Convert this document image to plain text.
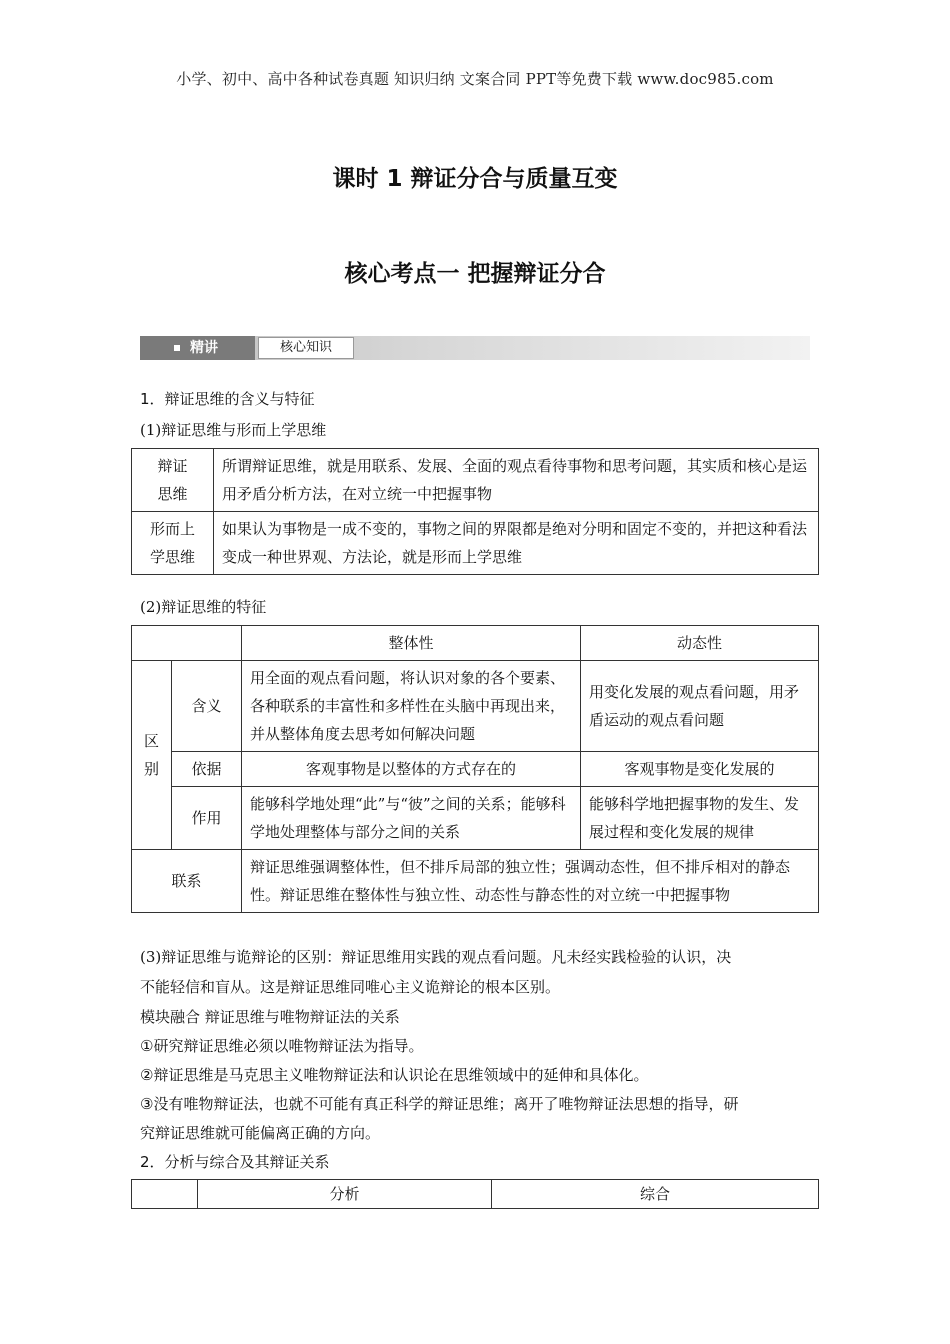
小学、初中、高中各种试卷真题 知识归纳 文案合同 PPT等免费下载 www.doc985.com
课时 1 辩证分合与质量互变
核心考点一 把握辩证分合
精讲	核心知识
1．辩证思维的含义与特征
(1)辩证思维与形而上学思维
辩证
思维	所谓辩证思维，就是用联系、发展、全面的观点看待事物和思考问题，其实质和核心是运用矛盾分析方法，在对立统一中把握事物
形而上
学思维	如果认为事物是一成不变的，事物之间的界限都是绝对分明和固定不变的，并把这种看法变成一种世界观、方法论，就是形而上学思维
(2)辩证思维的特征
		整体性	动态性
区
别	含义	用全面的观点看问题，将认识对象的各个要素、各种联系的丰富性和多样性在头脑中再现出来，并从整体角度去思考如何解决问题	用变化发展的观点看问题，用矛盾运动的观点看问题
	依据	客观事物是以整体的方式存在的	客观事物是变化发展的
	作用	能够科学地处理“此”与“彼”之间的关系；能够科学地处理整体与部分之间的关系	能够科学地把握事物的发生、发展过程和变化发展的规律
联系		辩证思维强调整体性，但不排斥局部的独立性；强调动态性，但不排斥相对的静态性。辩证思维在整体性与独立性、动态性与静态性的对立统一中把握事物	
(3)辩证思维与诡辩论的区别：辩证思维用实践的观点看问题。凡未经实践检验的认识，决
不能轻信和盲从。这是辩证思维同唯心主义诡辩论的根本区别。
模块融合 辩证思维与唯物辩证法的关系
①研究辩证思维必须以唯物辩证法为指导。
②辩证思维是马克思主义唯物辩证法和认识论在思维领域中的延伸和具体化。
③没有唯物辩证法，也就不可能有真正科学的辩证思维；离开了唯物辩证法思想的指导，研
究辩证思维就可能偏离正确的方向。
2．分析与综合及其辩证关系
	分析	综合
